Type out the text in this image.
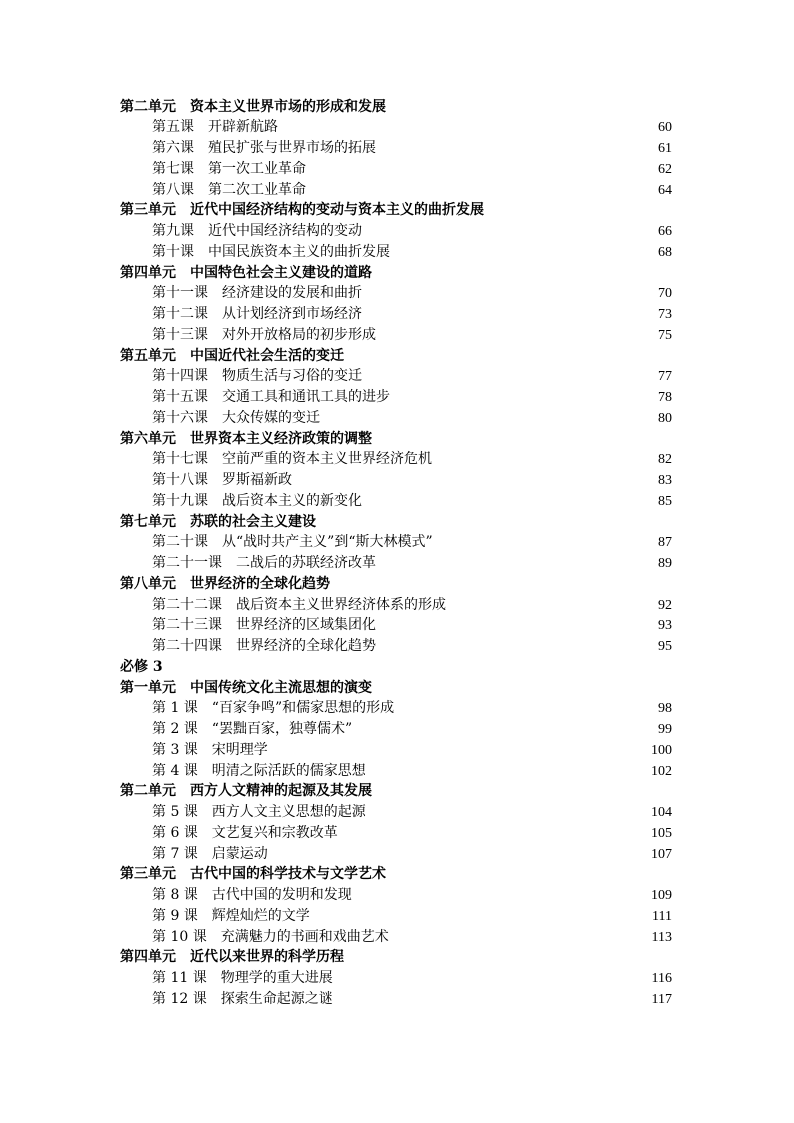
第二单元　资本主义世界市场的形成和发展
第五课　开辟新航路	60
第六课　殖民扩张与世界市场的拓展	61
第七课　第一次工业革命	62
第八课　第二次工业革命	64
第三单元　近代中国经济结构的变动与资本主义的曲折发展
第九课　近代中国经济结构的变动	66
第十课　中国民族资本主义的曲折发展	68
第四单元　中国特色社会主义建设的道路
第十一课　经济建设的发展和曲折	70
第十二课　从计划经济到市场经济	73
第十三课　对外开放格局的初步形成	75
第五单元　中国近代社会生活的变迁
第十四课　物质生活与习俗的变迁	77
第十五课　交通工具和通讯工具的进步	78
第十六课　大众传媒的变迁	80
第六单元　世界资本主义经济政策的调整
第十七课　空前严重的资本主义世界经济危机	82
第十八课　罗斯福新政	83
第十九课　战后资本主义的新变化	85
第七单元　苏联的社会主义建设
第二十课　从“战时共产主义”到“斯大林模式”	87
第二十一课　二战后的苏联经济改革	89
第八单元　世界经济的全球化趋势
第二十二课　战后资本主义世界经济体系的形成	92
第二十三课　世界经济的区域集团化	93
第二十四课　世界经济的全球化趋势	95
必修 3
第一单元　中国传统文化主流思想的演变
第 1 课　“百家争鸣”和儒家思想的形成	98
第 2 课　“罢黜百家，独尊儒术”	99
第 3 课　宋明理学	100
第 4 课　明清之际活跃的儒家思想	102
第二单元　西方人文精神的起源及其发展
第 5 课　西方人文主义思想的起源	104
第 6 课　文艺复兴和宗教改革	105
第 7 课　启蒙运动	107
第三单元　古代中国的科学技术与文学艺术
第 8 课　古代中国的发明和发现	109
第 9 课　辉煌灿烂的文学	111
第 10 课　充满魅力的书画和戏曲艺术	113
第四单元　近代以来世界的科学历程
第 11 课　物理学的重大进展	116
第 12 课　探索生命起源之谜	117
